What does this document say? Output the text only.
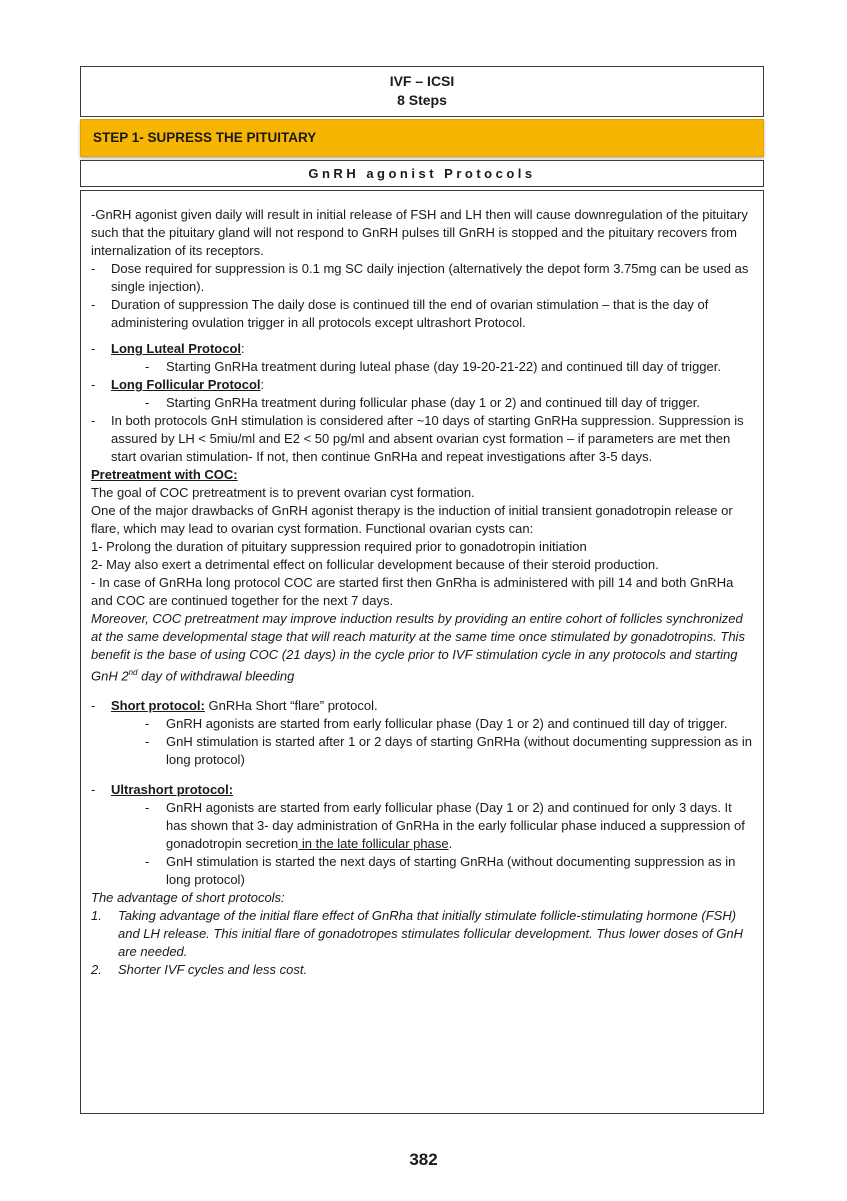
IVF – ICSI
8 Steps
STEP 1- SUPRESS THE PITUITARY
GnRH agonist Protocols

-GnRH agonist given daily will result in initial release of FSH and LH then will cause downregulation of the pituitary such that the pituitary gland will not respond to GnRH pulses till GnRH is stopped and the pituitary recovers from internalization of its receptors.

- Dose required for suppression is 0.1 mg SC daily injection (alternatively the depot form 3.75mg can be used as single injection).

- Duration of suppression The daily dose is continued till the end of ovarian stimulation – that is the day of administering ovulation trigger in all protocols except ultrashort Protocol.

- Long Luteal Protocol:

- Starting GnRHa treatment during luteal phase (day 19-20-21-22) and continued till day of trigger.

- Long Follicular Protocol:

- Starting GnRHa treatment during follicular phase (day 1 or 2) and continued till day of trigger.

- In both protocols GnH stimulation is considered after ~10 days of starting GnRHa suppression. Suppression is assured by LH < 5miu/ml and E2 < 50 pg/ml and absent ovarian cyst formation – if parameters are met then start ovarian stimulation- If not, then continue GnRHa and repeat investigations after 3-5 days.

Pretreatment with COC:

The goal of COC pretreatment is to prevent ovarian cyst formation.

One of the major drawbacks of GnRH agonist therapy is the induction of initial transient gonadotropin release or flare, which may lead to ovarian cyst formation. Functional ovarian cysts can:

1- Prolong the duration of pituitary suppression required prior to gonadotropin initiation

2- May also exert a detrimental effect on follicular development because of their steroid production.

- In case of GnRHa long protocol COC are started first then GnRha is administered with pill 14 and both GnRHa and COC are continued together for the next 7 days.

Moreover, COC pretreatment may improve induction results by providing an entire cohort of follicles synchronized at the same developmental stage that will reach maturity at the same time once stimulated by gonadotropins. This benefit is the base of using COC (21 days) in the cycle prior to IVF stimulation cycle in any protocols and starting GnH 2nd day of withdrawal bleeding

- Short protocol: GnRHa Short “flare” protocol.

- GnRH agonists are started from early follicular phase (Day 1 or 2) and continued till day of trigger.

- GnH stimulation is started after 1 or 2 days of starting GnRHa (without documenting suppression as in long protocol)

- Ultrashort protocol:

- GnRH agonists are started from early follicular phase (Day 1 or 2) and continued for only 3 days. It has shown that 3- day administration of GnRHa in the early follicular phase induced a suppression of gonadotropin secretion in the late follicular phase.

- GnH stimulation is started the next days of starting GnRHa (without documenting suppression as in long protocol)

The advantage of short protocols:

1. Taking advantage of the initial flare effect of GnRha that initially stimulate follicle-stimulating hormone (FSH) and LH release. This initial flare of gonadotropes stimulates follicular development. Thus lower doses of GnH are needed.

2. Shorter IVF cycles and less cost.

382
